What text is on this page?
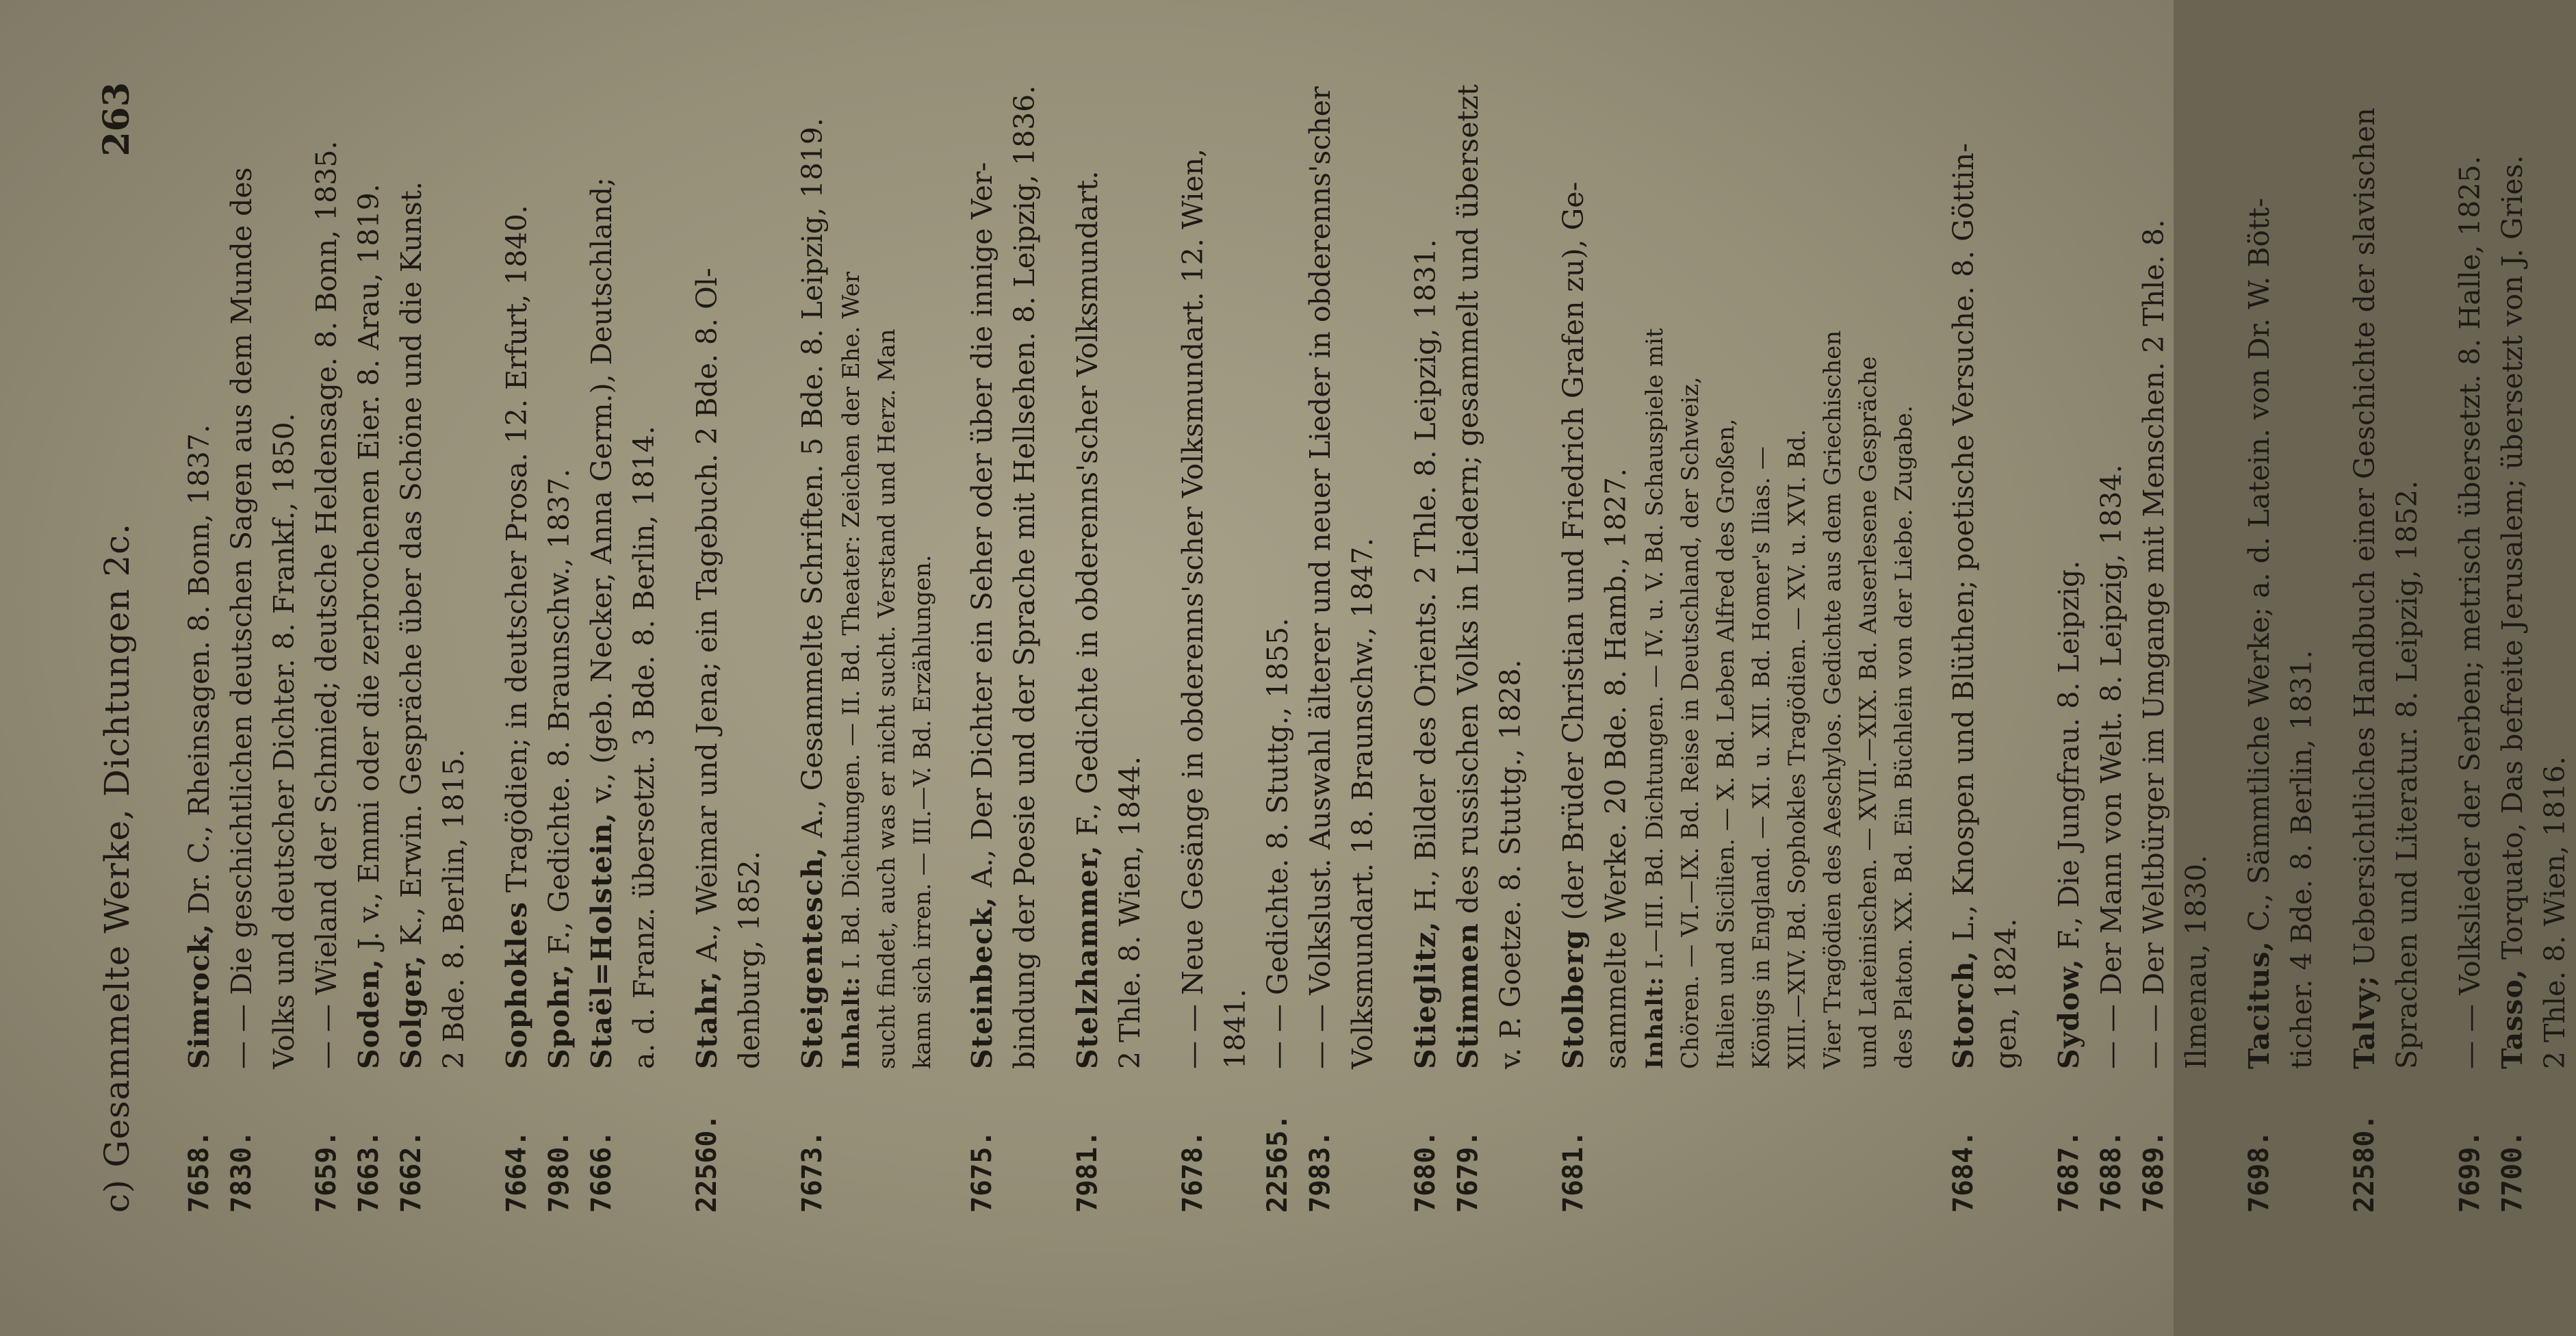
c) Gesammelte Werke, Dichtungen 2c.
263
7658.
Simrock, Dr. C., Rheinsagen. 8. Bonn, 1837.
7830.
— — Die geschichtlichen deutschen Sagen aus dem Munde des
Volks und deutscher Dichter. 8. Frankf., 1850.
7659.
— — Wieland der Schmied; deutsche Heldensage. 8. Bonn, 1835.
7663.
Soden, J. v., Emmi oder die zerbrochenen Eier. 8. Arau, 1819.
7662.
Solger, K., Erwin. Gespräche über das Schöne und die Kunst.
2 Bde. 8. Berlin, 1815.
7664.
Sophokles Tragödien; in deutscher Prosa. 12. Erfurt, 1840.
7980.
Spohr, F., Gedichte. 8. Braunschw., 1837.
7666.
Staël=Holstein, v., (geb. Necker, Anna Germ.), Deutschland;
a. d. Franz. übersetzt. 3 Bde. 8. Berlin, 1814.
22560.
Stahr, A., Weimar und Jena; ein Tagebuch. 2 Bde. 8. Ol-
denburg, 1852.
7673.
Steigentesch, A., Gesammelte Schriften. 5 Bde. 8. Leipzig, 1819.
Inhalt: I. Bd. Dichtungen. — II. Bd. Theater: Zeichen der Ehe. Wer
sucht findet, auch was er nicht sucht. Verstand und Herz. Man
kann sich irren. — III.—V. Bd. Erzählungen.
7675.
Steinbeck, A., Der Dichter ein Seher oder über die innige Ver-
bindung der Poesie und der Sprache mit Hellsehen. 8. Leipzig, 1836.
7981.
Stelzhammer, F., Gedichte in obderenns'scher Volksmundart.
2 Thle. 8. Wien, 1844.
7678.
— — Neue Gesänge in obderenns'scher Volksmundart. 12. Wien, 1841.
22565.
— — Gedichte. 8. Stuttg., 1855.
7983.
— — Volkslust. Auswahl älterer und neuer Lieder in obderenns'scher
Volksmundart. 18. Braunschw., 1847.
7680.
Stieglitz, H., Bilder des Orients. 2 Thle. 8. Leipzig, 1831.
7679.
Stimmen des russischen Volks in Liedern; gesammelt und übersetzt
v. P. Goetze. 8. Stuttg., 1828.
7681.
Stolberg (der Brüder Christian und Friedrich Grafen zu), Ge-
sammelte Werke. 20 Bde. 8. Hamb., 1827.
Inhalt: I.—III. Bd. Dichtungen. — IV. u. V. Bd. Schauspiele mit
Chören. — VI.—IX. Bd. Reise in Deutschland, der Schweiz,
Italien und Sicilien. — X. Bd. Leben Alfred des Großen,
Königs in England. — XI. u. XII. Bd. Homer's Ilias. —
XIII.—XIV. Bd. Sophokles Tragödien. — XV. u. XVI. Bd.
Vier Tragödien des Aeschylos. Gedichte aus dem Griechischen
und Lateinischen. — XVII.—XIX. Bd. Auserlesene Gespräche
des Platon. XX. Bd. Ein Büchlein von der Liebe. Zugabe.
7684.
Storch, L., Knospen und Blüthen; poetische Versuche. 8. Göttin-
gen, 1824.
7687.
Sydow, F., Die Jungfrau. 8. Leipzig.
7688.
— — Der Mann von Welt. 8. Leipzig, 1834.
7689.
— — Der Weltbürger im Umgange mit Menschen. 2 Thle. 8.
Ilmenau, 1830.
7698.
Tacitus, C., Sämmtliche Werke; a. d. Latein. von Dr. W. Bött-
ticher. 4 Bde. 8. Berlin, 1831.
22580.
Talvy; Uebersichtliches Handbuch einer Geschichte der slavischen
Sprachen und Literatur. 8. Leipzig, 1852.
7699.
— — Volkslieder der Serben; metrisch übersetzt. 8. Halle, 1825.
7700.
Tasso, Torquato, Das befreite Jerusalem; übersetzt von J. Gries.
2 Thle. 8. Wien, 1816.
